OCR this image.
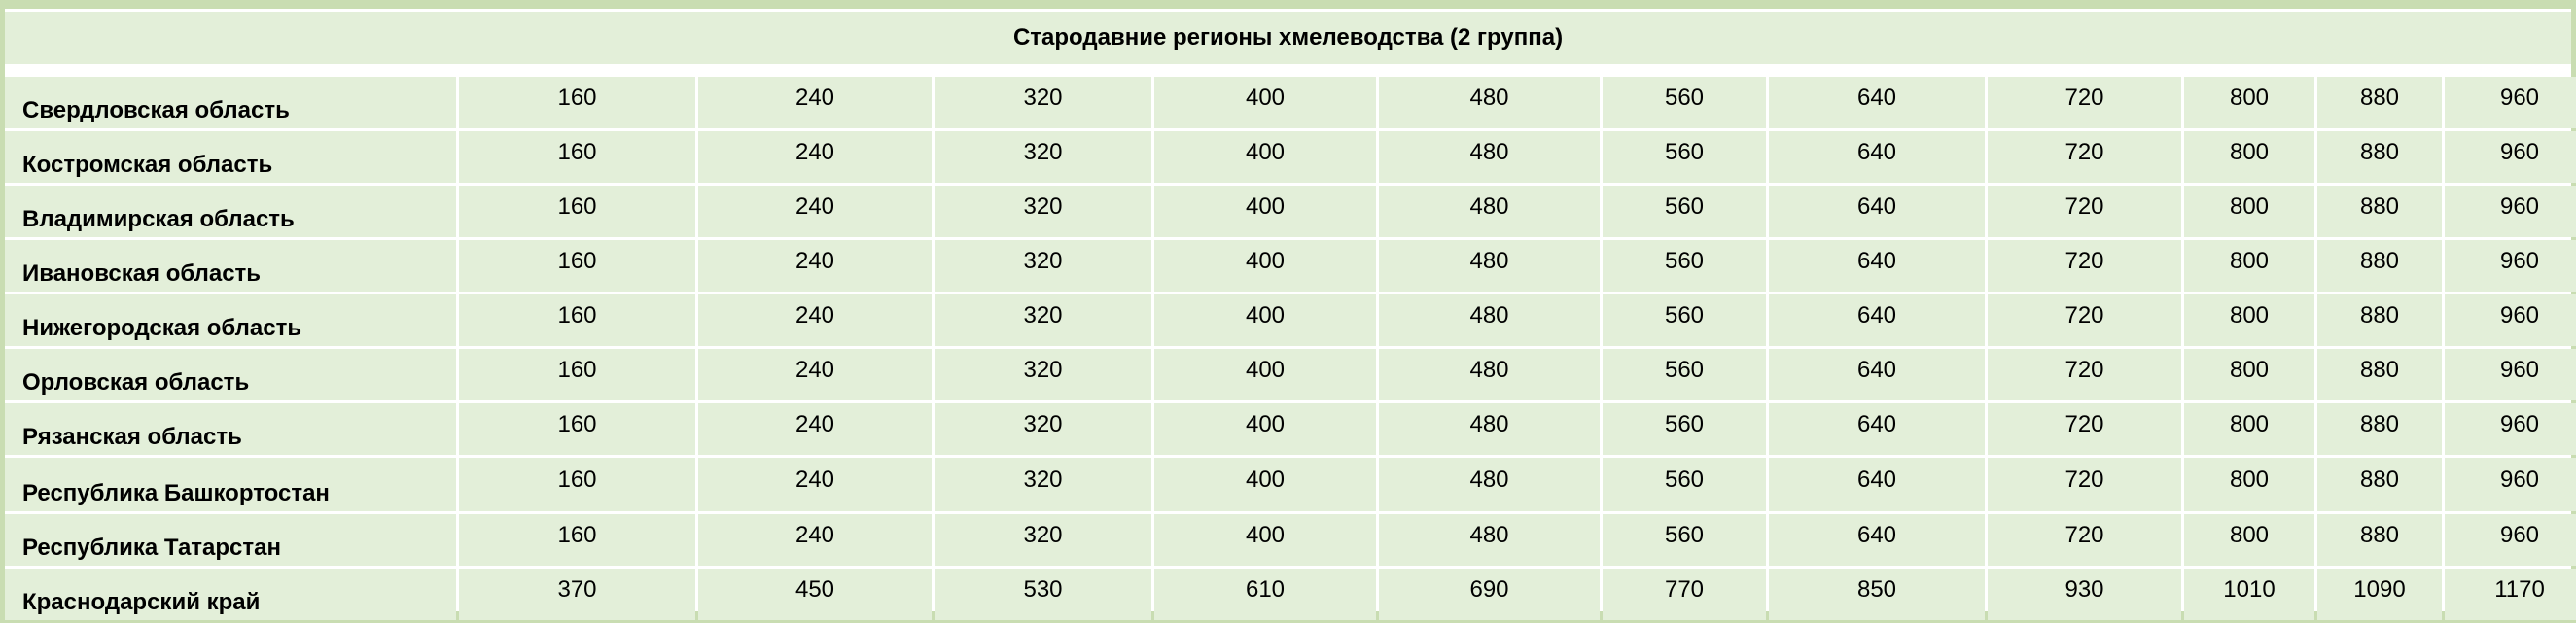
Стародавние регионы хмелеводства (2 группа)
Свердловская область	160	240	320	400	480	560	640	720	800	880	960
Костромская область	160	240	320	400	480	560	640	720	800	880	960
Владимирская область	160	240	320	400	480	560	640	720	800	880	960
Ивановская область	160	240	320	400	480	560	640	720	800	880	960
Нижегородская область	160	240	320	400	480	560	640	720	800	880	960
Орловская область	160	240	320	400	480	560	640	720	800	880	960
Рязанская область	160	240	320	400	480	560	640	720	800	880	960
Республика Башкортостан	160	240	320	400	480	560	640	720	800	880	960
Республика Татарстан	160	240	320	400	480	560	640	720	800	880	960
Краснодарский край	370	450	530	610	690	770	850	930	1010	1090	1170
